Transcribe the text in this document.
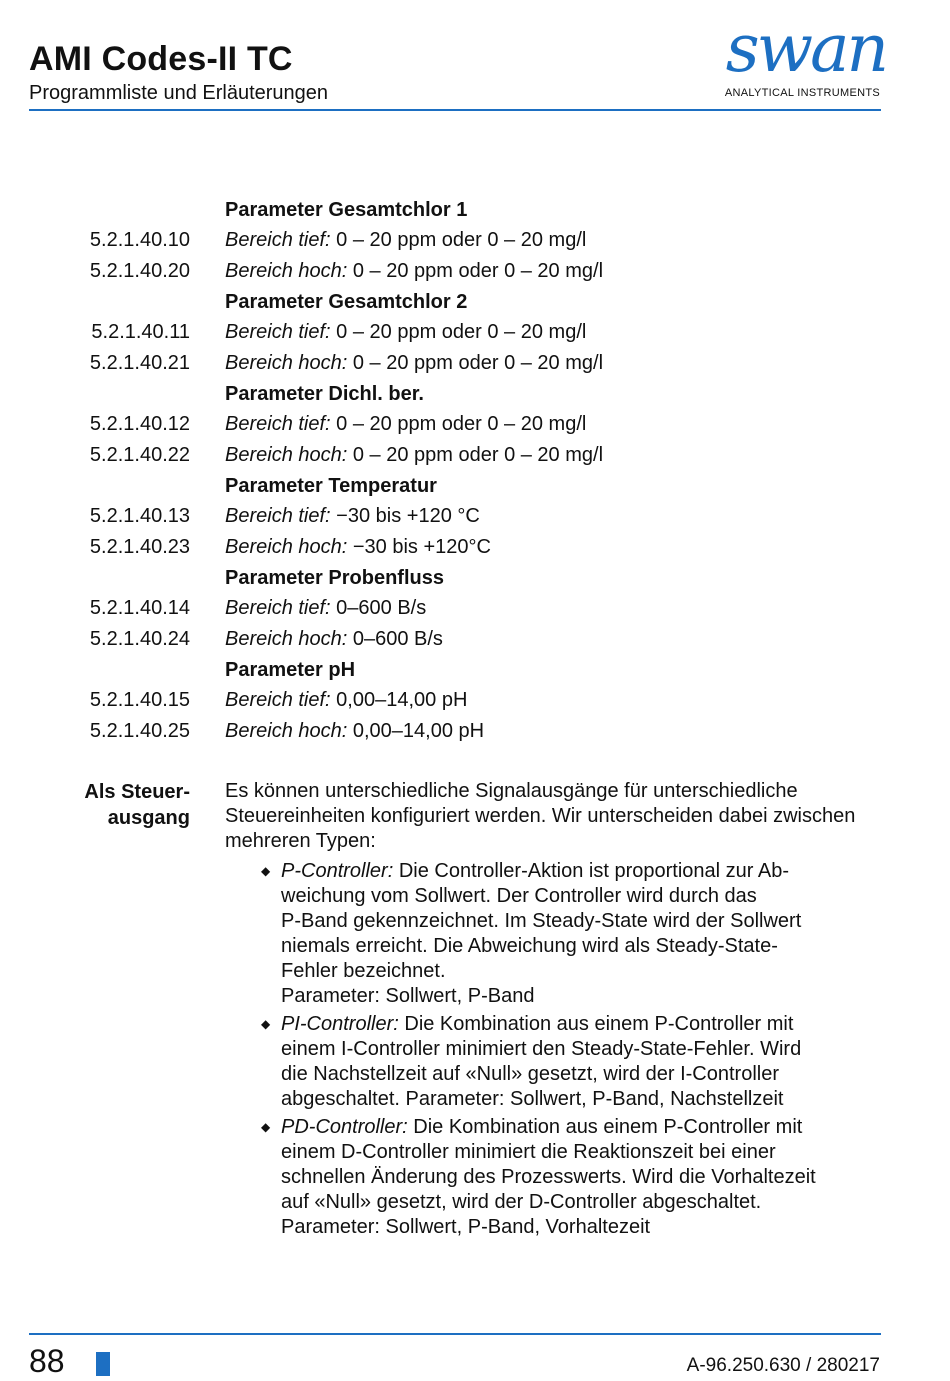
AMI Codes-II TC
Programmliste und Erläuterungen
swan
ANALYTICAL INSTRUMENTS
Parameter Gesamtchlor 1
5.2.1.40.10 Bereich tief: 0 – 20 ppm oder 0 – 20 mg/l
5.2.1.40.20 Bereich hoch: 0 – 20 ppm oder 0 – 20 mg/l
Parameter Gesamtchlor 2
5.2.1.40.11 Bereich tief: 0 – 20 ppm oder 0 – 20 mg/l
5.2.1.40.21 Bereich hoch: 0 – 20 ppm oder 0 – 20 mg/l
Parameter Dichl. ber.
5.2.1.40.12 Bereich tief: 0 – 20 ppm oder 0 – 20 mg/l
5.2.1.40.22 Bereich hoch: 0 – 20 ppm oder 0 – 20 mg/l
Parameter Temperatur
5.2.1.40.13 Bereich tief: −30 bis +120 °C
5.2.1.40.23 Bereich hoch: −30 bis +120°C
Parameter Probenfluss
5.2.1.40.14 Bereich tief: 0–600 B/s
5.2.1.40.24 Bereich hoch: 0–600 B/s
Parameter pH
5.2.1.40.15 Bereich tief: 0,00–14,00 pH
5.2.1.40.25 Bereich hoch: 0,00–14,00 pH
Als Steuer-
ausgang
Es können unterschiedliche Signalausgänge für unterschiedliche Steuereinheiten konfiguriert werden. Wir unterscheiden dabei zwischen mehreren Typen:
◆ P-Controller: Die Controller-Aktion ist proportional zur Ab-
weichung vom Sollwert. Der Controller wird durch das
P-Band gekennzeichnet. Im Steady-State wird der Sollwert
niemals erreicht. Die Abweichung wird als Steady-State-
Fehler bezeichnet.
Parameter: Sollwert, P-Band
◆ PI-Controller: Die Kombination aus einem P-Controller mit
einem I-Controller minimiert den Steady-State-Fehler. Wird
die Nachstellzeit auf «Null» gesetzt, wird der I-Controller
abgeschaltet. Parameter: Sollwert, P-Band, Nachstellzeit
◆ PD-Controller: Die Kombination aus einem P-Controller mit
einem D-Controller minimiert die Reaktionszeit bei einer
schnellen Änderung des Prozesswerts. Wird die Vorhaltezeit
auf «Null» gesetzt, wird der D-Controller abgeschaltet.
Parameter: Sollwert, P-Band, Vorhaltezeit
88	A-96.250.630 / 280217
